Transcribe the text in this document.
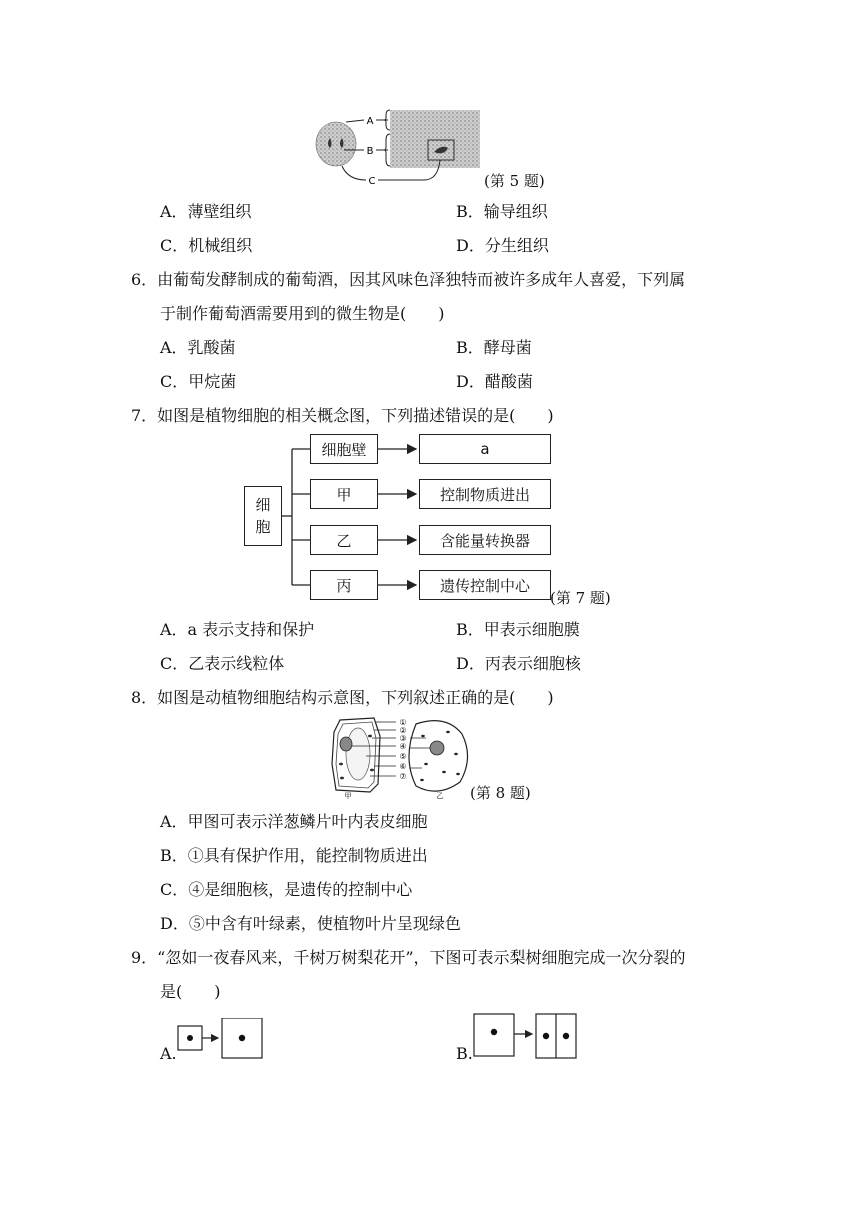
A
B
C	(第 5 题)
A．薄壁组织	B．输导组织
C．机械组织	D．分生组织
6．由葡萄发酵制成的葡萄酒，因其风味色泽独特而被许多成年人喜爱，下列属
于制作葡萄酒需要用到的微生物是(　　)
A．乳酸菌	B．酵母菌
C．甲烷菌	D．醋酸菌
7．如图是植物细胞的相关概念图，下列描述错误的是(　　)
细
胞
细胞壁
甲
乙
丙
a
控制物质进出
含能量转换器
遗传控制中心
(第 7 题)
A．a 表示支持和保护	B．甲表示细胞膜
C．乙表示线粒体	D．丙表示细胞核
8．如图是动植物细胞结构示意图，下列叙述正确的是(　　)
①
②
③
④
⑤
⑥
⑦
甲	乙 (第 8 题)
A．甲图可表示洋葱鳞片叶内表皮细胞
B．①具有保护作用，能控制物质进出
C．④是细胞核，是遗传的控制中心
D．⑤中含有叶绿素，使植物叶片呈现绿色
9．“忽如一夜春风来，千树万树梨花开”，下图可表示梨树细胞完成一次分裂的
是(　　)
A.	B.
